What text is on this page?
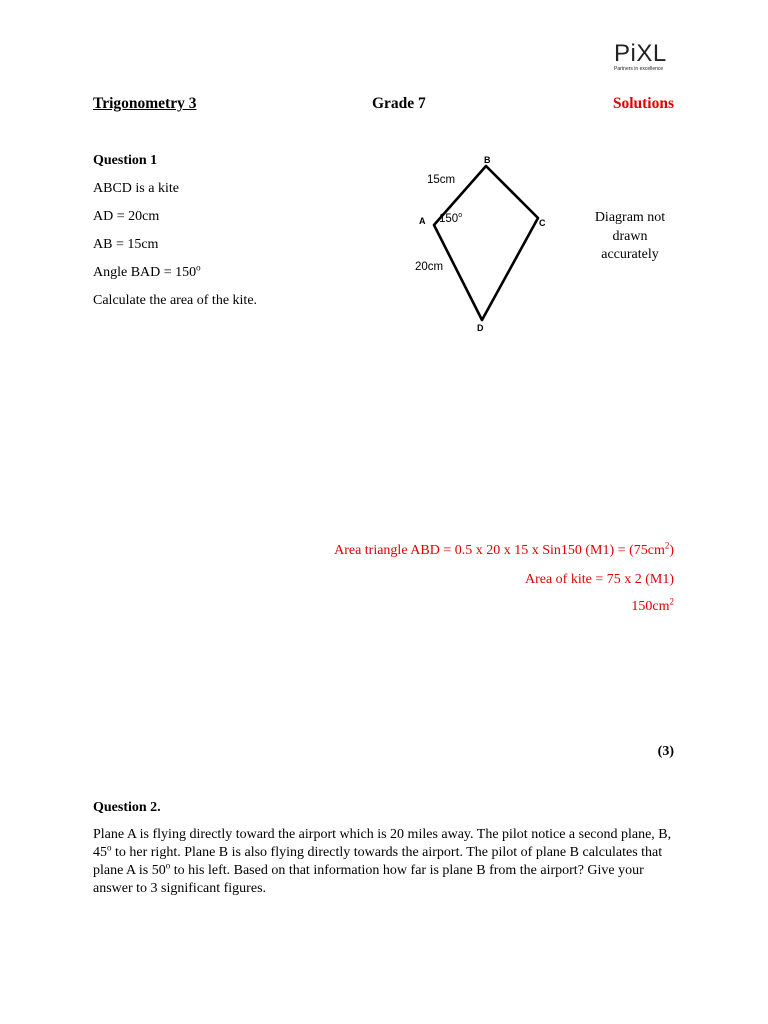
PiXL
Partners in excellence
Trigonometry 3	Grade 7	Solutions
Question 1
ABCD is a kite
AD = 20cm
AB = 15cm
Angle BAD = $150^o$
Calculate the area of the kite.
B
A	C
D
15cm
20cm
150$^o$	Diagram not drawn accurately
Area triangle ABD = 0.5 x 20 x 15 x Sin150 $(M1) = (75cm^2)$
Area of kite = 75 x 2 (M1)
$150cm^2$
(3)
Question 2.
Plane A is flying directly toward the airport which is 20 miles away. The pilot notice a second plane, B, 45$^o$ to her right. Plane B is also flying directly towards the airport. The pilot of plane B calculates that plane A is 50$^o$ to his left. Based on that information how far is plane B from the airport? Give your answer to 3 significant figures.
